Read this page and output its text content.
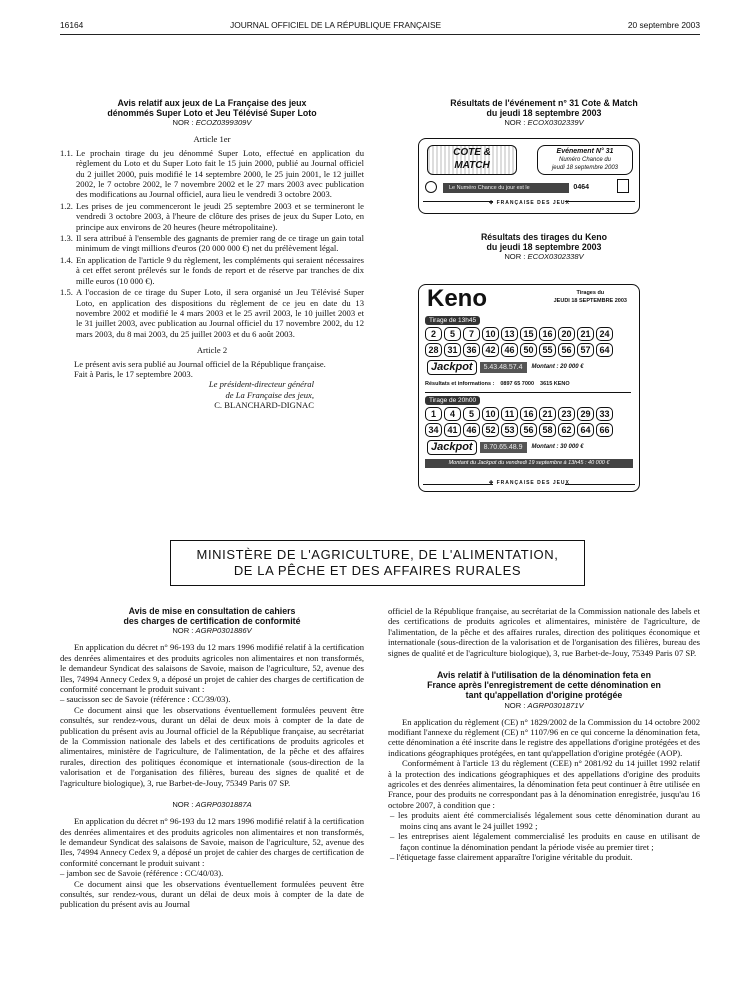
16164	JOURNAL OFFICIEL DE LA RÉPUBLIQUE FRANÇAISE	20 septembre 2003
Avis relatif aux jeux de La Française des jeux
dénommés Super Loto et Jeu Télévisé Super Loto
NOR : ECOZ0399309V
Article 1er
1.1. Le prochain tirage du jeu dénommé Super Loto, effectué en application du règlement du Loto et du Super Loto fait le 15 juin 2000, publié au Journal officiel du 2 juillet 2000, puis modifié le 14 septembre 2000, le 25 juin 2001, le 12 juillet 2002, le 7 octobre 2002, le 7 novembre 2002 et le 27 mars 2003 avec publication des modifications au Journal officiel, aura lieu le vendredi 3 octobre 2003.
1.2. Les prises de jeu commenceront le jeudi 25 septembre 2003 et se termineront le vendredi 3 octobre 2003, à l'heure de clôture des prises de jeux du Super Loto, en principe aux environs de 20 heures (heure métropolitaine).
1.3. Il sera attribué à l'ensemble des gagnants de premier rang de ce tirage un gain total minimum de vingt millions d'euros (20 000 000 €) net du prélèvement légal.
1.4. En application de l'article 9 du règlement, les compléments qui seraient nécessaires à cet effet seront prélevés sur le fonds de report et de réserve par tranches de dix mille euros (10 000 €).
1.5. A l'occasion de ce tirage du Super Loto, il sera organisé un Jeu Télévisé Super Loto, en application des dispositions du règlement de ce jeu en date du 13 novembre 2002 et modifié le 4 mars 2003 et le 25 avril 2003, le 10 juillet 2003 et le 31 juillet 2003, avec publication au Journal officiel du 17 novembre 2002, du 12 mars 2003, du 8 mai 2003, du 25 juillet 2003 et du 6 août 2003.
Article 2

Le présent avis sera publié au Journal officiel de la République française.

Fait à Paris, le 17 septembre 2003.

Le président-directeur général
de La Française des jeux,
C. BLANCHARD-DIGNAC
Résultats de l'événement n° 31 Cote & Match
du jeudi 18 septembre 2003
NOR : ECOX0302339V
COTE &
MATCH
Evénement N° 31
Numéro Chance du
jeudi 18 septembre 2003
Le Numéro Chance du jour est le	0464
✤ FRANÇAISE DES JEUX
Résultats des tirages du Keno
du jeudi 18 septembre 2003
NOR : ECOX0302338V
Keno	Tirages du
JEUDI 18 SEPTEMBRE 2003
Tirage de 13h45
2	5	7	10 13 15 16 20 21 24
28 31 36 42 46 50 55 56 57 64
Jackpot	5.43.48.57.4	Montant : 20 000 €
Résultats et informations : 0897 65 7000 3615 KENO
Tirage de 20h00
1	4	5	10	11	16 21 23 29 33
34 41 46 52 53 56 58 62 64 66
Jackpot	8.70.65.48.9	Montant : 30 000 €
Montant du Jackpot du vendredi 19 septembre à 13h45 : 40 000 €
✤ FRANÇAISE DES JEUX
MINISTÈRE DE L'AGRICULTURE, DE L'ALIMENTATION,
DE LA PÊCHE ET DES AFFAIRES RURALES
Avis de mise en consultation de cahiers
des charges de certification de conformité
NOR : AGRP0301886V

En application du décret n° 96-193 du 12 mars 1996 modifié relatif à la certification des denrées alimentaires et des produits agricoles non alimentaires et non transformés, le demandeur Syndicat des salaisons de Savoie, maison de l'agriculture, 52, avenue des Iles, 74994 Annecy Cedex 9, a déposé un projet de cahier des charges de certification de conformité concernant le produit suivant :

– saucisson sec de Savoie (référence : CC/39/03).

Ce document ainsi que les observations éventuellement formulées peuvent être consultés, sur rendez-vous, durant un délai de deux mois à compter de la date de publication du présent avis au Journal officiel de la République française, au secrétariat de la Commission nationale des labels et des certifications de produits agricoles et alimentaires, ministère de l'agriculture, de l'alimentation, de la pêche et des affaires rurales, direction des politiques économique et internationale (sous-direction de la valorisation et de l'organisation des filières, bureau des signes de qualité et de l'agriculture biologique), 3, rue Barbet-de-Jouy, 75349 Paris 07 SP.

NOR : AGRP0301887A

En application du décret n° 96-193 du 12 mars 1996 modifié relatif à la certification des denrées alimentaires et des produits agricoles non alimentaires et non transformés, le demandeur Syndicat des salaisons de Savoie, maison de l'agriculture, 52, avenue des Iles, 74994 Annecy Cedex 9, a déposé un projet de cahier des charges de certification de conformité concernant le produit suivant :

– jambon sec de Savoie (référence : CC/40/03).

Ce document ainsi que les observations éventuellement formulées peuvent être consultés, sur rendez-vous, durant un délai de deux mois à compter de la date de publication du présent avis au Journal

officiel de la République française, au secrétariat de la Commission nationale des labels et des certifications de produits agricoles et alimentaires, ministère de l'agriculture, de l'alimentation, de la pêche et des affaires rurales, direction des politiques économique et internationale (sous-direction de la valorisation et de l'organisation des filières, bureau des signes de qualité et de l'agriculture biologique), 3, rue Barbet-de-Jouy, 75349 Paris 07 SP.

Avis relatif à l'utilisation de la dénomination feta en
France après l'enregistrement de cette dénomination en
tant qu'appellation d'origine protégée
NOR : AGRP0301871V

En application du règlement (CE) n° 1829/2002 de la Commission du 14 octobre 2002 modifiant l'annexe du règlement (CE) n° 1107/96 en ce qui concerne la dénomination feta, cette dénomination a été inscrite dans le registre des appellations d'origine protégées et des indications géographiques protégées, en tant qu'appellation d'origine protégée (AOP).

Conformément à l'article 13 du règlement (CEE) n° 2081/92 du 14 juillet 1992 relatif à la protection des indications géographiques et des appellations d'origine des produits agricoles et des denrées alimentaires, la dénomination feta peut continuer à être utilisée en France, pour des produits ne correspondant pas à la dénomination enregistrée, jusqu'au 16 octobre 2007, à condition que :

– les produits aient été commercialisés légalement sous cette dénomination durant au moins cinq ans avant le 24 juillet 1992 ;
– les entreprises aient légalement commercialisé les produits en cause en utilisant de façon continue la dénomination pendant la période visée au premier tiret ;
– l'étiquetage fasse clairement apparaître l'origine véritable du produit.
